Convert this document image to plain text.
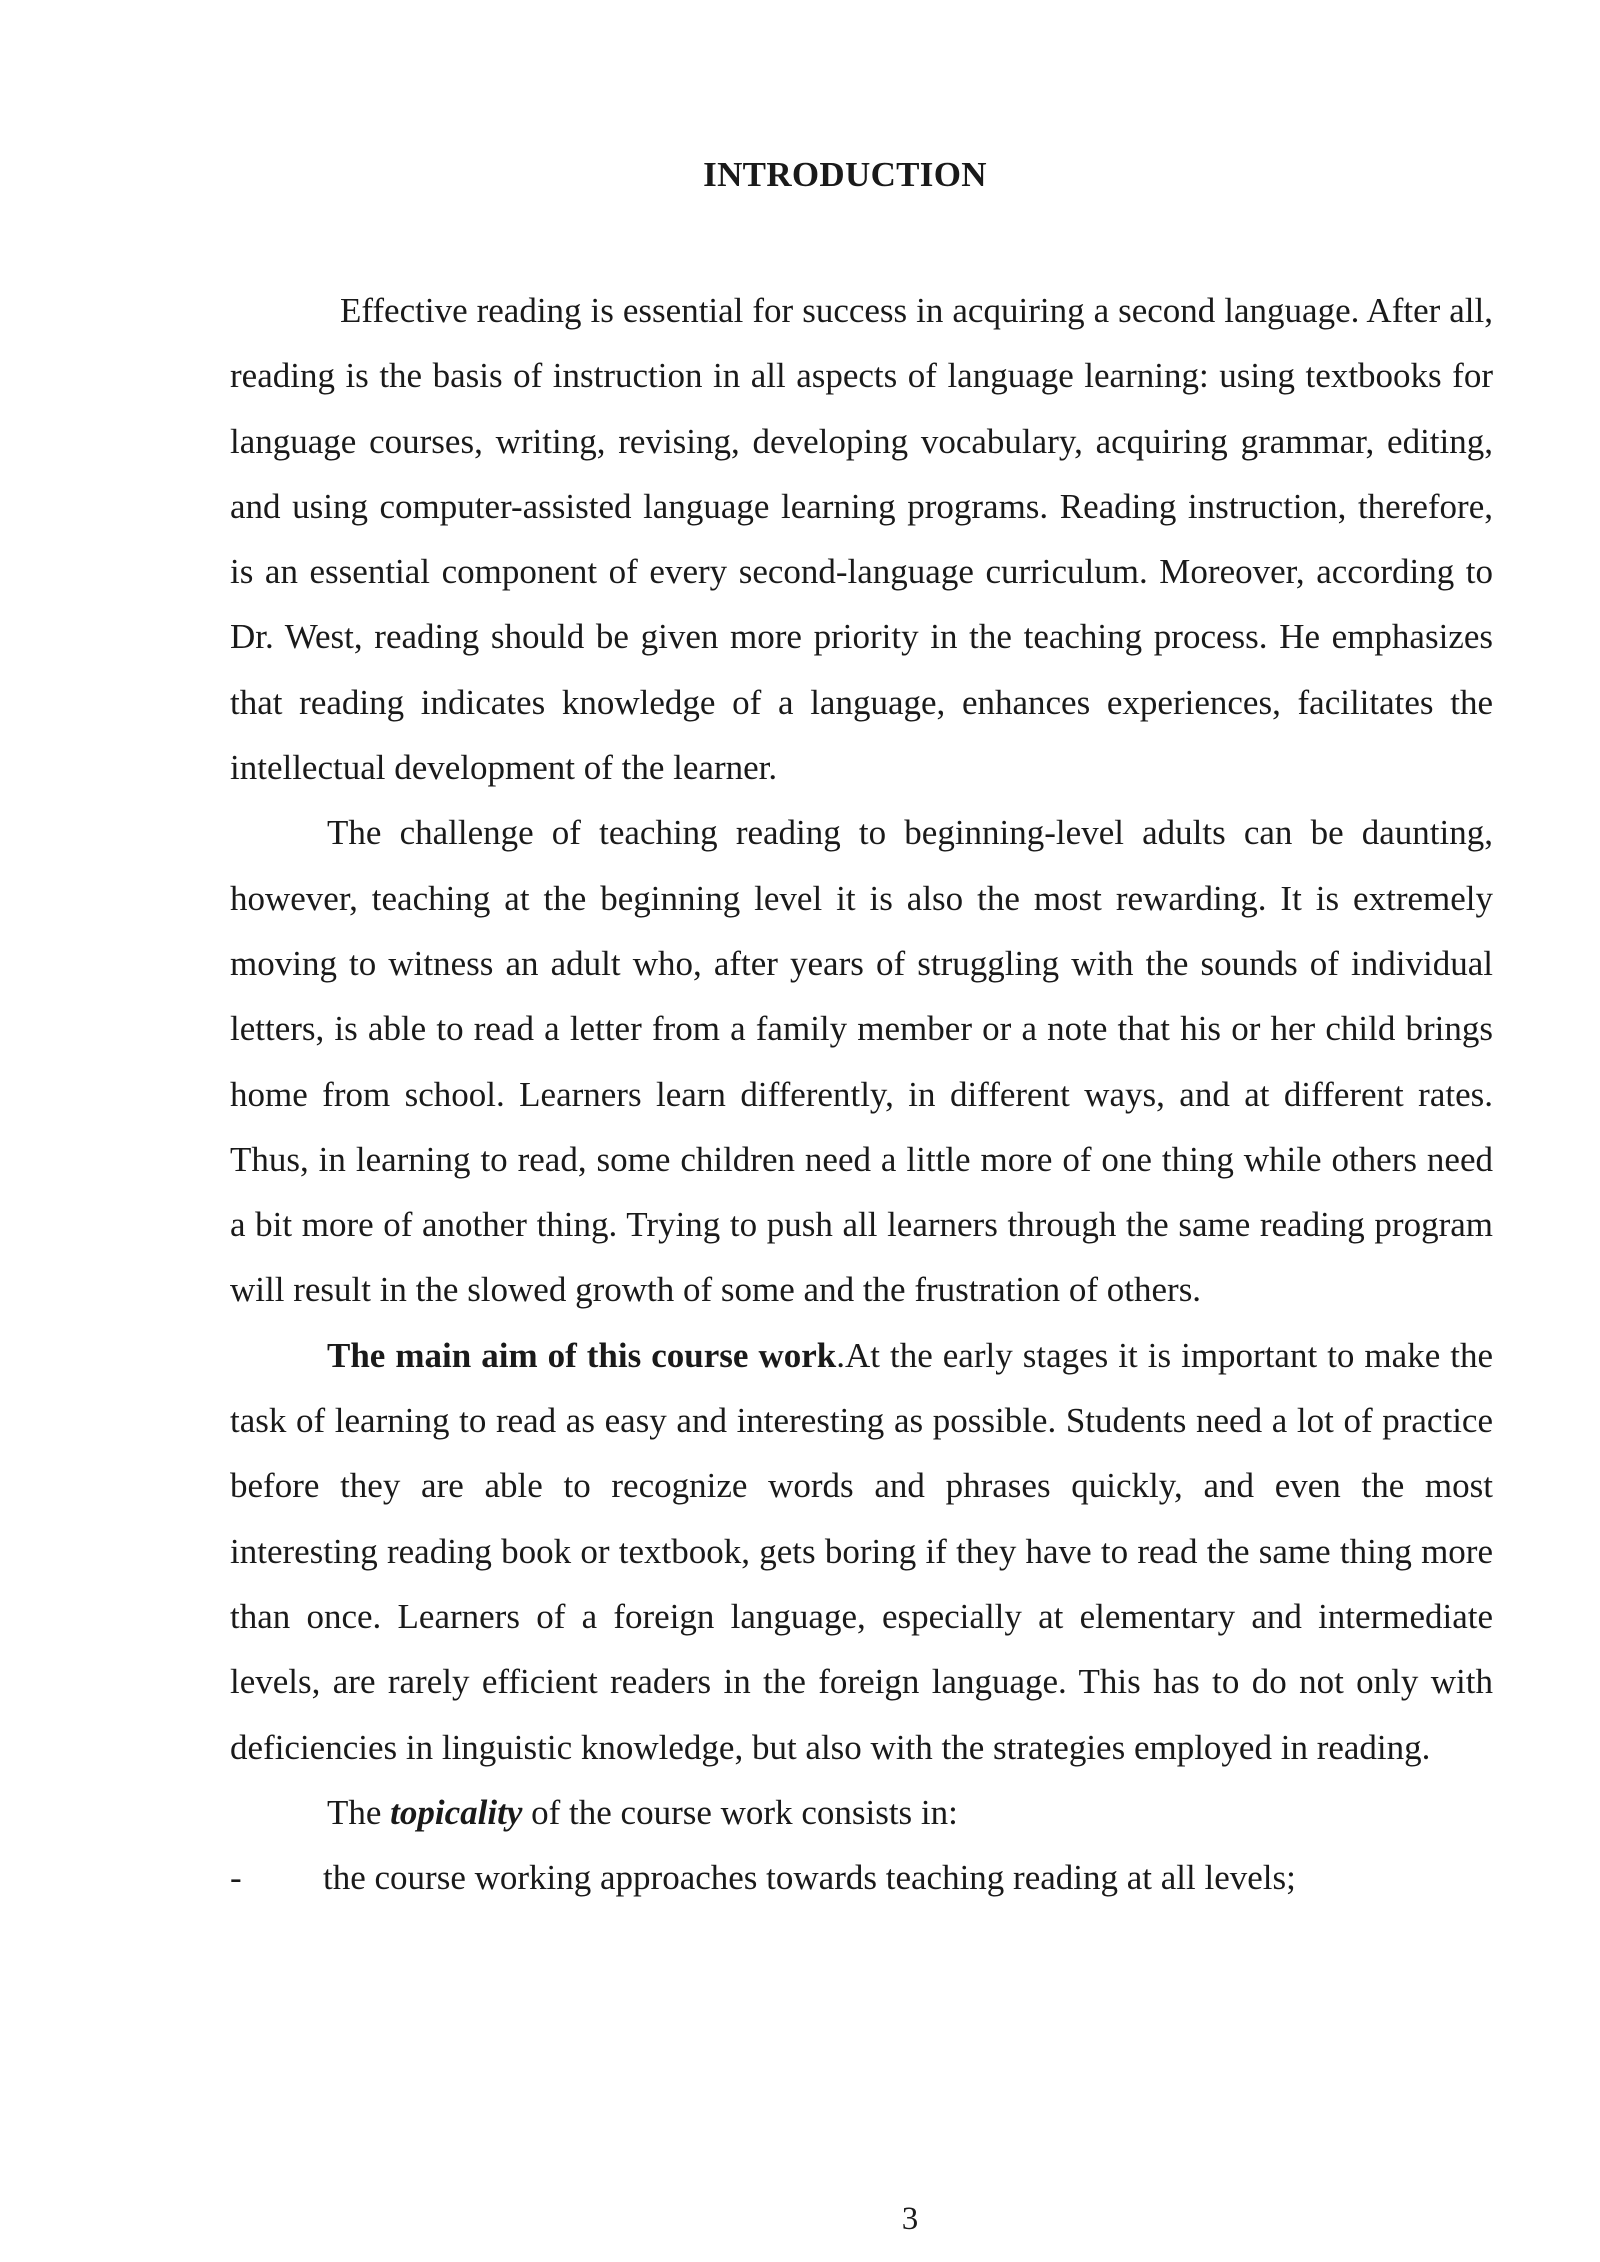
INTRODUCTION

Effective reading is essential for success in acquiring a second language. After all, reading is the basis of instruction in all aspects of language learning: using textbooks for language courses, writing, revising, developing vocabulary, acquiring grammar, editing, and using computer-assisted language learning programs. Reading instruction, therefore, is an essential component of every second-language curriculum. Moreover, according to Dr. West, reading should be given more priority in the teaching process. He emphasizes that reading indicates knowledge of a language, enhances experiences, facilitates the intellectual development of the learner.

The challenge of teaching reading to beginning-level adults can be daunting, however, teaching at the beginning level it is also the most rewarding. It is extremely moving to witness an adult who, after years of struggling with the sounds of individual letters, is able to read a letter from a family member or a note that his or her child brings home from school. Learners learn differently, in different ways, and at different rates. Thus, in learning to read, some children need a little more of one thing while others need a bit more of another thing. Trying to push all learners through the same reading program will result in the slowed growth of some and the frustration of others.

The main aim of this course work.At the early stages it is important to make the task of learning to read as easy and interesting as possible. Students need a lot of practice before they are able to recognize words and phrases quickly, and even the most interesting reading book or textbook, gets boring if they have to read the same thing more than once. Learners of a foreign language, especially at elementary and intermediate levels, are rarely efficient readers in the foreign language. This has to do not only with deficiencies in linguistic knowledge, but also with the strategies employed in reading.

The topicality of the course work consists in:

- the course working approaches towards teaching reading at all levels;
3
